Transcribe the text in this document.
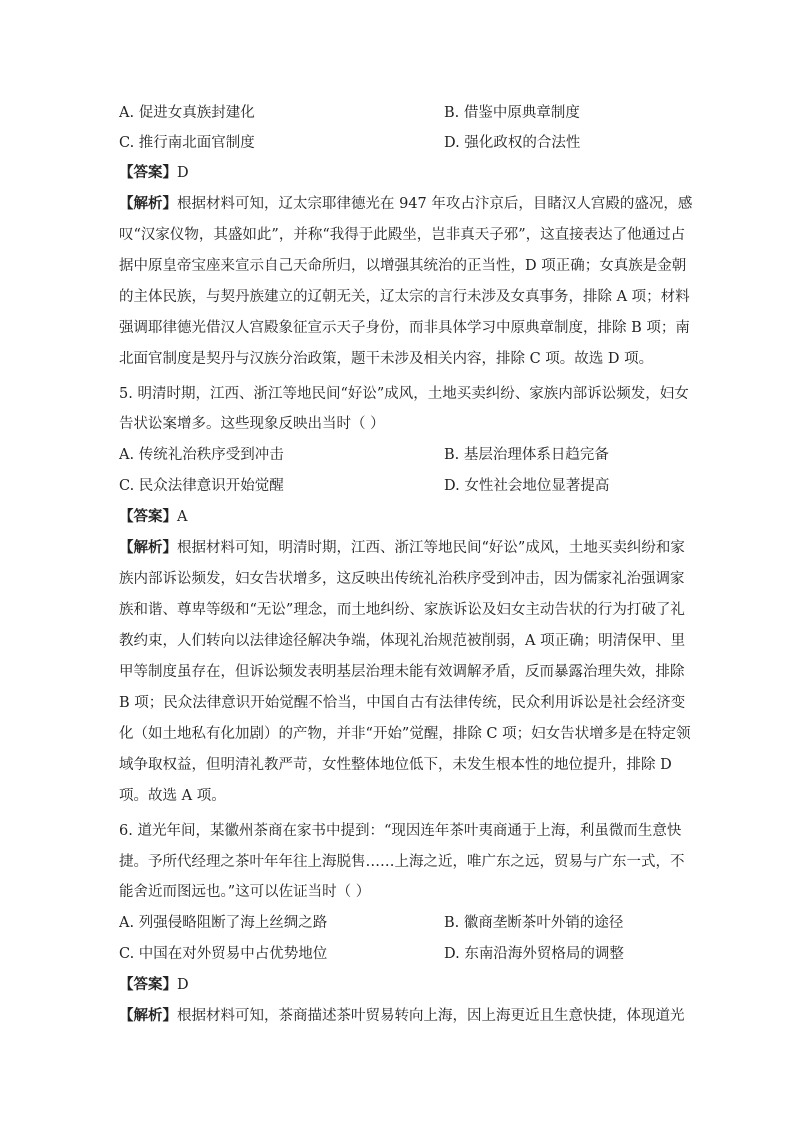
A. 促进女真族封建化	B. 借鉴中原典章制度
C. 推行南北面官制度	D. 强化政权的合法性
【答案】D
【解析】根据材料可知，辽太宗耶律德光在 947 年攻占汴京后，目睹汉人宫殿的盛况，感
叹“汉家仪物，其盛如此”，并称“我得于此殿坐，岂非真天子邪”，这直接表达了他通过占
据中原皇帝宝座来宣示自己天命所归，以增强其统治的正当性，D 项正确；女真族是金朝
的主体民族，与契丹族建立的辽朝无关，辽太宗的言行未涉及女真事务，排除 A 项；材料
强调耶律德光借汉人宫殿象征宣示天子身份，而非具体学习中原典章制度，排除 B 项；南
北面官制度是契丹与汉族分治政策，题干未涉及相关内容，排除 C 项。故选 D 项。
5. 明清时期，江西、浙江等地民间“好讼”成风，土地买卖纠纷、家族内部诉讼频发，妇女
告状讼案增多。这些现象反映出当时（ ）
A. 传统礼治秩序受到冲击	B. 基层治理体系日趋完备
C. 民众法律意识开始觉醒	D. 女性社会地位显著提高
【答案】A
【解析】根据材料可知，明清时期，江西、浙江等地民间“好讼”成风，土地买卖纠纷和家
族内部诉讼频发，妇女告状增多，这反映出传统礼治秩序受到冲击，因为儒家礼治强调家
族和谐、尊卑等级和“无讼”理念，而土地纠纷、家族诉讼及妇女主动告状的行为打破了礼
教约束，人们转向以法律途径解决争端，体现礼治规范被削弱，A 项正确；明清保甲、里
甲等制度虽存在，但诉讼频发表明基层治理未能有效调解矛盾，反而暴露治理失效，排除
B 项；民众法律意识开始觉醒不恰当，中国自古有法律传统，民众利用诉讼是社会经济变
化（如土地私有化加剧）的产物，并非“开始”觉醒，排除 C 项；妇女告状增多是在特定领
域争取权益，但明清礼教严苛，女性整体地位低下，未发生根本性的地位提升，排除 D
项。故选 A 项。
6. 道光年间，某徽州茶商在家书中提到：“现因连年茶叶夷商通于上海，利虽微而生意快
捷。予所代经理之茶叶年年往上海脱售……上海之近，唯广东之远，贸易与广东一式，不
能舍近而图远也。”这可以佐证当时（ ）
A. 列强侵略阻断了海上丝绸之路	B. 徽商垄断茶叶外销的途径
C. 中国在对外贸易中占优势地位	D. 东南沿海外贸格局的调整
【答案】D
【解析】根据材料可知，茶商描述茶叶贸易转向上海，因上海更近且生意快捷，体现道光
